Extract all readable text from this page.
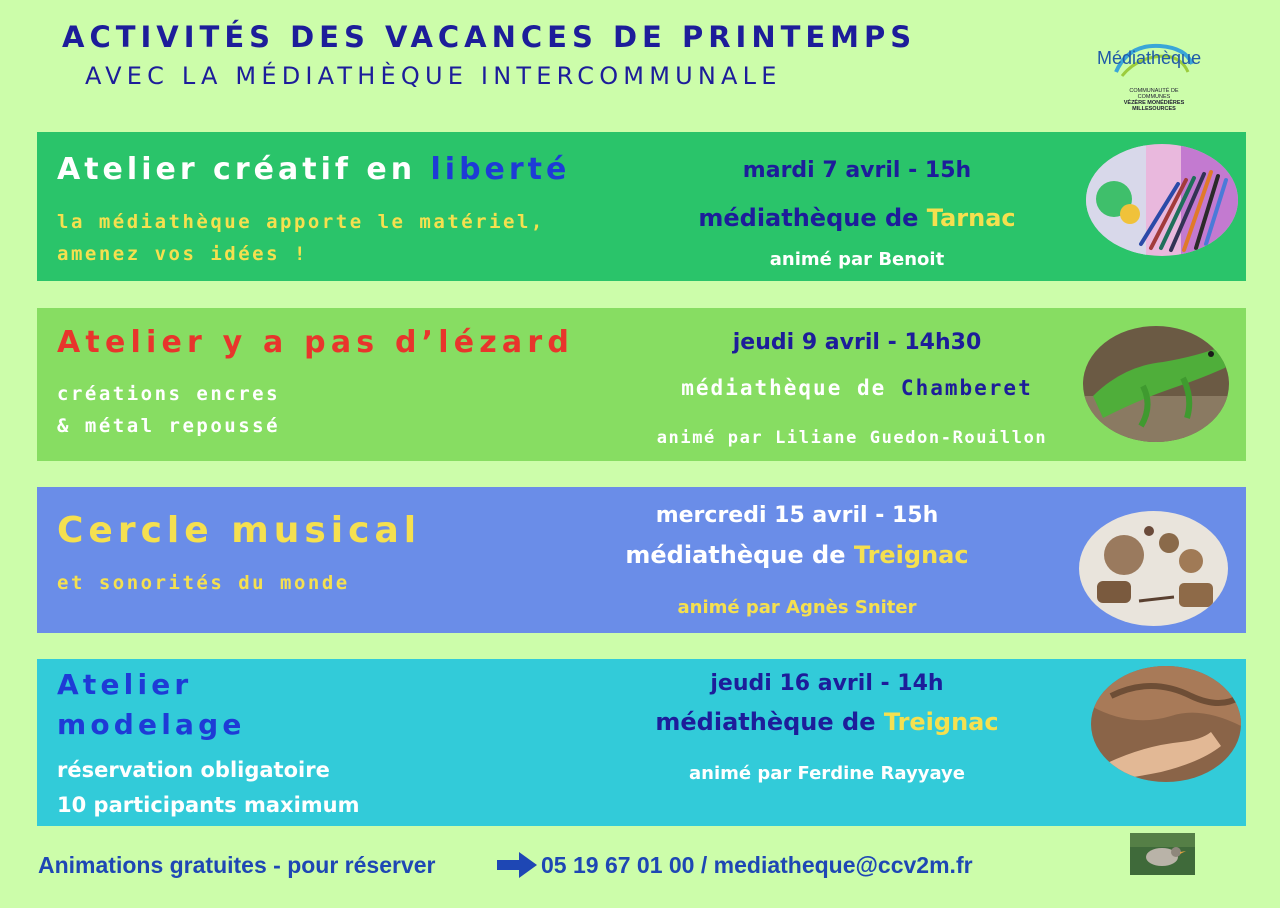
ACTIVITÉS DES VACANCES DE PRINTEMPS
AVEC LA MÉDIATHÈQUE INTERCOMMUNALE
Médiathèque
COMMUNAUTÉ DE COMMUNES
VÉZÈRE MONÉDIÈRES MILLESOURCES
Atelier créatif en liberté
la médiathèque apporte le matériel,
amenez vos idées !
mardi 7 avril - 15h
médiathèque de Tarnac
animé par Benoit
Atelier y a pas d’lézard
créations encres
& métal repoussé
jeudi 9 avril - 14h30
médiathèque de Chamberet
animé par Liliane Guedon-Rouillon
Cercle musical
et sonorités du monde
mercredi 15 avril - 15h
médiathèque de Treignac
animé par Agnès Sniter
Atelier
modelage
réservation obligatoire
10 participants maximum
jeudi 16 avril - 14h
médiathèque de Treignac
animé par Ferdine Rayyaye
Animations gratuites - pour réserver	05 19 67 01 00 / mediatheque@ccv2m.fr
